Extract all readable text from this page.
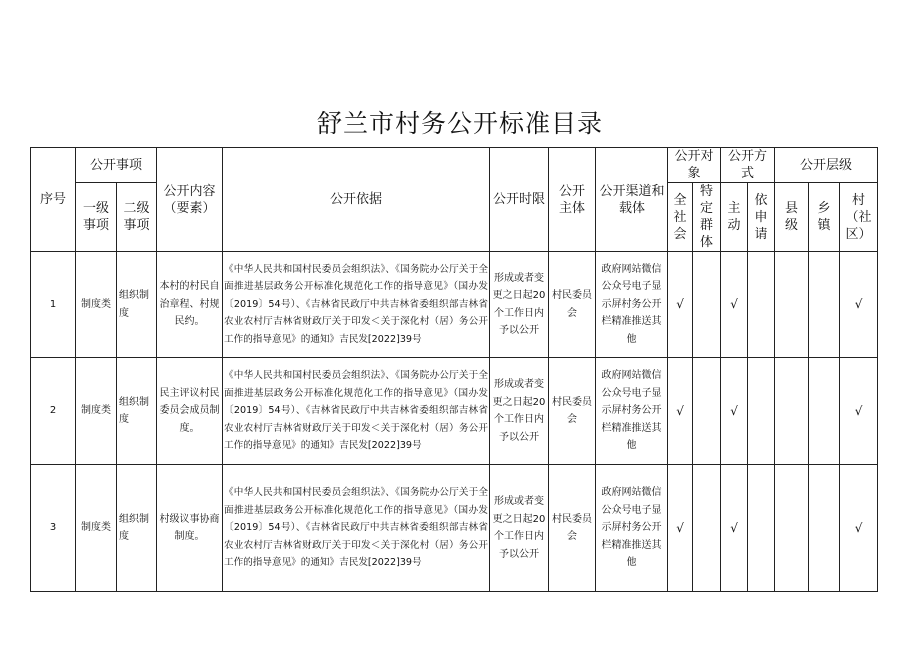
舒兰市村务公开标准目录
序号	公开事项		公开内容（要素）	公开依据	公开时限	公开主体	公开渠道和载体	公开对象		公开方式		公开层级		
	一级事项	二级事项						全社会	特定群体	主动	依申请	县级	乡镇	村（社区）
1	制度类	组织制度	本村的村民自治章程、村规民约。	《中华人民共和国村民委员会组织法》、《国务院办公厅关于全面推进基层政务公开标准化规范化工作的指导意见》（国办发〔2019〕54号）、《吉林省民政厅中共吉林省委组织部吉林省农业农村厅吉林省财政厅关于印发＜关于深化村（居）务公开工作的指导意见》的通知》吉民发[2022]39号	形成或者变更之日起20个工作日内予以公开	村民委员会	政府网站微信公众号电子显示屏村务公开栏精准推送其他	√		√				√
2	制度类	组织制度	民主评议村民委员会成员制度。	《中华人民共和国村民委员会组织法》、《国务院办公厅关于全面推进基层政务公开标准化规范化工作的指导意见》（国办发〔2019〕54号）、《吉林省民政厅中共吉林省委组织部吉林省农业农村厅吉林省财政厅关于印发＜关于深化村（居）务公开工作的指导意见》的通知》吉民发[2022]39号	形成或者变更之日起20个工作日内予以公开	村民委员会	政府网站微信公众号电子显示屏村务公开栏精准推送其他	√		√				√
3	制度类	组织制度	村级议事协商制度。	《中华人民共和国村民委员会组织法》、《国务院办公厅关于全面推进基层政务公开标准化规范化工作的指导意见》（国办发〔2019〕54号）、《吉林省民政厅中共吉林省委组织部吉林省农业农村厅吉林省财政厅关于印发＜关于深化村（居）务公开工作的指导意见》的通知》吉民发[2022]39号	形成或者变更之日起20个工作日内予以公开	村民委员会	政府网站微信公众号电子显示屏村务公开栏精准推送其他	√		√				√
